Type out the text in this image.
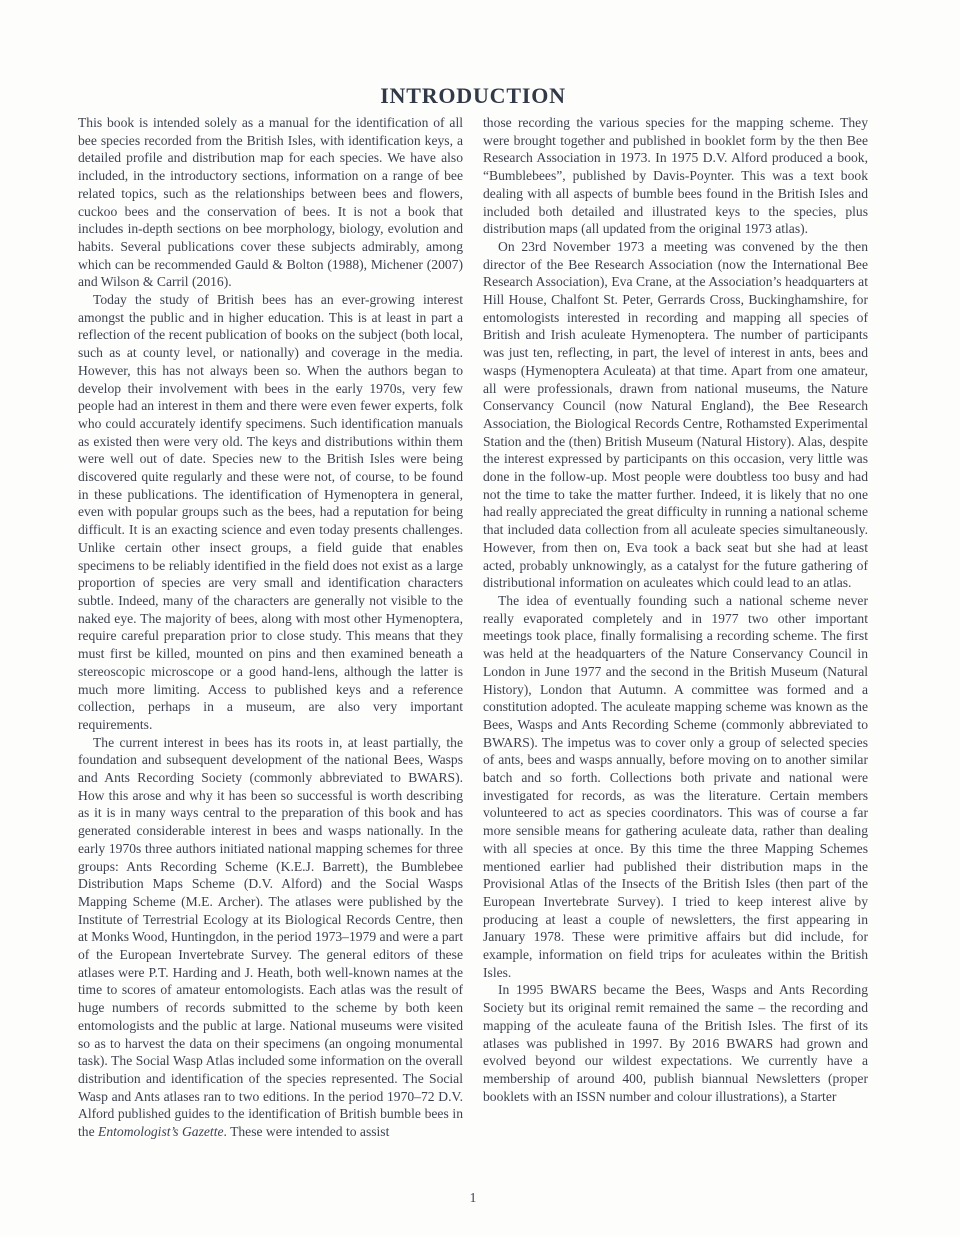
INTRODUCTION

This book is intended solely as a manual for the identification of all bee species recorded from the British Isles, with identification keys, a detailed profile and distribution map for each species. We have also included, in the introductory sections, information on a range of bee related topics, such as the relationships between bees and flowers, cuckoo bees and the conservation of bees. It is not a book that includes in-depth sections on bee morphology, biology, evolution and habits. Several publications cover these subjects admirably, among which can be recommended Gauld & Bolton (1988), Michener (2007) and Wilson & Carril (2016).

Today the study of British bees has an ever-growing interest amongst the public and in higher education. This is at least in part a reflection of the recent publication of books on the subject (both local, such as at county level, or nationally) and coverage in the media. However, this has not always been so. When the authors began to develop their involvement with bees in the early 1970s, very few people had an interest in them and there were even fewer experts, folk who could accurately identify specimens. Such identification manuals as existed then were very old. The keys and distributions within them were well out of date. Species new to the British Isles were being discovered quite regularly and these were not, of course, to be found in these publications. The identification of Hymenoptera in general, even with popular groups such as the bees, had a reputation for being difficult. It is an exacting science and even today presents challenges. Unlike certain other insect groups, a field guide that enables specimens to be reliably identified in the field does not exist as a large proportion of species are very small and identification characters subtle. Indeed, many of the characters are generally not visible to the naked eye. The majority of bees, along with most other Hymenoptera, require careful preparation prior to close study. This means that they must first be killed, mounted on pins and then examined beneath a stereoscopic microscope or a good hand-lens, although the latter is much more limiting. Access to published keys and a reference collection, perhaps in a museum, are also very important requirements.

The current interest in bees has its roots in, at least partially, the foundation and subsequent development of the national Bees, Wasps and Ants Recording Society (commonly abbreviated to BWARS). How this arose and why it has been so successful is worth describing as it is in many ways central to the preparation of this book and has generated considerable interest in bees and wasps nationally. In the early 1970s three authors initiated national mapping schemes for three groups: Ants Recording Scheme (K.E.J. Barrett), the Bumblebee Distribution Maps Scheme (D.V. Alford) and the Social Wasps Mapping Scheme (M.E. Archer). The atlases were published by the Institute of Terrestrial Ecology at its Biological Records Centre, then at Monks Wood, Huntingdon, in the period 1973–1979 and were a part of the European Invertebrate Survey. The general editors of these atlases were P.T. Harding and J. Heath, both well-known names at the time to scores of amateur entomologists. Each atlas was the result of huge numbers of records submitted to the scheme by both keen entomologists and the public at large. National museums were visited so as to harvest the data on their specimens (an ongoing monumental task). The Social Wasp Atlas included some information on the overall distribution and identification of the species represented. The Social Wasp and Ants atlases ran to two editions. In the period 1970–72 D.V. Alford published guides to the identification of British bumble bees in the Entomologist’s Gazette. These were intended to assist

those recording the various species for the mapping scheme. They were brought together and published in booklet form by the then Bee Research Association in 1973. In 1975 D.V. Alford produced a book, “Bumblebees”, published by Davis-Poynter. This was a text book dealing with all aspects of bumble bees found in the British Isles and included both detailed and illustrated keys to the species, plus distribution maps (all updated from the original 1973 atlas).

On 23rd November 1973 a meeting was convened by the then director of the Bee Research Association (now the International Bee Research Association), Eva Crane, at the Association’s headquarters at Hill House, Chalfont St. Peter, Gerrards Cross, Buckinghamshire, for entomologists interested in recording and mapping all species of British and Irish aculeate Hymenoptera. The number of participants was just ten, reflecting, in part, the level of interest in ants, bees and wasps (Hymenoptera Aculeata) at that time. Apart from one amateur, all were professionals, drawn from national museums, the Nature Conservancy Council (now Natural England), the Bee Research Association, the Biological Records Centre, Rothamsted Experimental Station and the (then) British Museum (Natural History). Alas, despite the interest expressed by participants on this occasion, very little was done in the follow-up. Most people were doubtless too busy and had not the time to take the matter further. Indeed, it is likely that no one had really appreciated the great difficulty in running a national scheme that included data collection from all aculeate species simultaneously. However, from then on, Eva took a back seat but she had at least acted, probably unknowingly, as a catalyst for the future gathering of distributional information on aculeates which could lead to an atlas.

The idea of eventually founding such a national scheme never really evaporated completely and in 1977 two other important meetings took place, finally formalising a recording scheme. The first was held at the headquarters of the Nature Conservancy Council in London in June 1977 and the second in the British Museum (Natural History), London that Autumn. A committee was formed and a constitution adopted. The aculeate mapping scheme was known as the Bees, Wasps and Ants Recording Scheme (commonly abbreviated to BWARS). The impetus was to cover only a group of selected species of ants, bees and wasps annually, before moving on to another similar batch and so forth. Collections both private and national were investigated for records, as was the literature. Certain members volunteered to act as species coordinators. This was of course a far more sensible means for gathering aculeate data, rather than dealing with all species at once. By this time the three Mapping Schemes mentioned earlier had published their distribution maps in the Provisional Atlas of the Insects of the British Isles (then part of the European Invertebrate Survey). I tried to keep interest alive by producing at least a couple of newsletters, the first appearing in January 1978. These were primitive affairs but did include, for example, information on field trips for aculeates within the British Isles.

In 1995 BWARS became the Bees, Wasps and Ants Recording Society but its original remit remained the same – the recording and mapping of the aculeate fauna of the British Isles. The first of its atlases was published in 1997. By 2016 BWARS had grown and evolved beyond our wildest expectations. We currently have a membership of around 400, publish biannual Newsletters (proper booklets with an ISSN number and colour illustrations), a Starter

1
